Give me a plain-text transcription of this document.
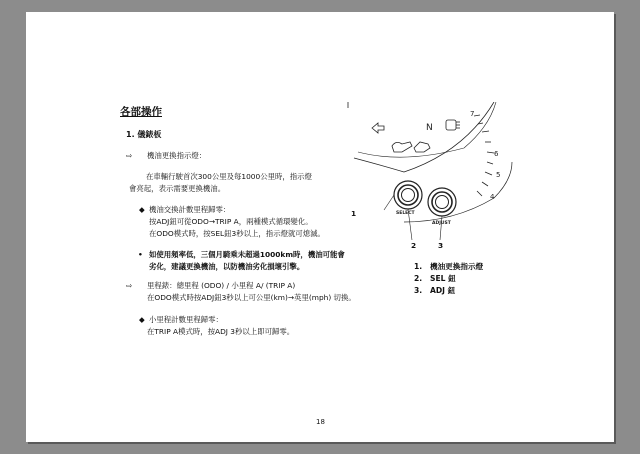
各部操作
1. 儀錶板
⇨ 機油更換指示燈：
在車輛行駛首次300公里及每1000公里時，指示燈
會亮起，表示需要更換機油。
◆ 機油交換計數里程歸零：
按ADJ鈕可從ODO→TRIP A，兩種模式循環變化。
在ODO模式時，按SEL鈕3秒以上，指示燈就可熄滅。
• 如使用頻率低，三個月騎乘未超過1000km時，機油可能會
劣化，建議更換機油，以防機油劣化損壞引擎。
⇨ 里程錶：總里程 (ODO) / 小里程 A/ (TRIP A)
在ODO模式時按ADJ鈕3秒以上可公里(km)→英里(mph) 切換。
◆ 小里程計數里程歸零：
在TRIP A模式時，按ADJ 3秒以上即可歸零。
7
6
5
4
N
SELECT
ADJUST
1
2	3
1. 機油更換指示燈
2. SEL 鈕
3. ADJ 鈕
18
